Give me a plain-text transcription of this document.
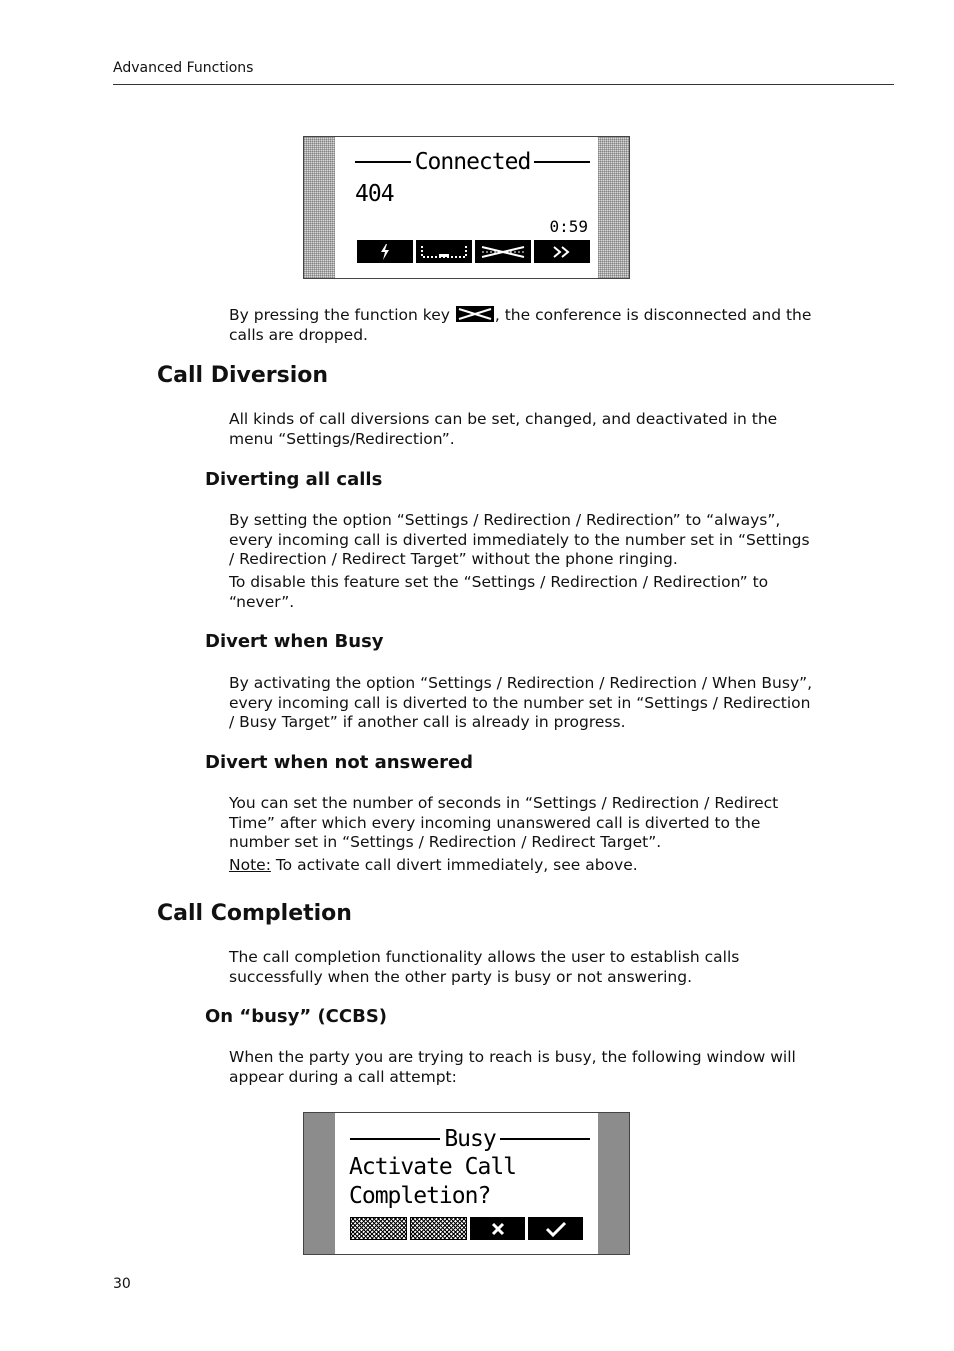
Advanced Functions
Connected
404
0:59
By pressing the function key	, the conference is disconnected and the calls are dropped.
Call Diversion
All kinds of call diversions can be set, changed, and deactivated in the menu “Settings/Redirection”.
Diverting all calls
By setting the option “Settings / Redirection / Redirection” to “always”, every incoming call is diverted immediately to the number set in “Settings / Redirection / Redirect Target” without the phone ringing.
To disable this feature set the “Settings / Redirection / Redirection” to “never”.
Divert when Busy
By activating the option “Settings / Redirection / Redirection / When Busy”, every incoming call is diverted to the number set in “Settings / Redirection / Busy Target” if another call is already in progress.
Divert when not answered
You can set the number of seconds in “Settings / Redirection / Redirect Time” after which every incoming unanswered call is diverted to the number set in “Settings / Redirection / Redirect Target”.
Note: To activate call divert immediately, see above.
Call Completion
The call completion functionality allows the user to establish calls successfully when the other party is busy or not answering.
On “busy” (CCBS)
When the party you are trying to reach is busy, the following window will appear during a call attempt:
Busy
Activate Call
Completion?
30
